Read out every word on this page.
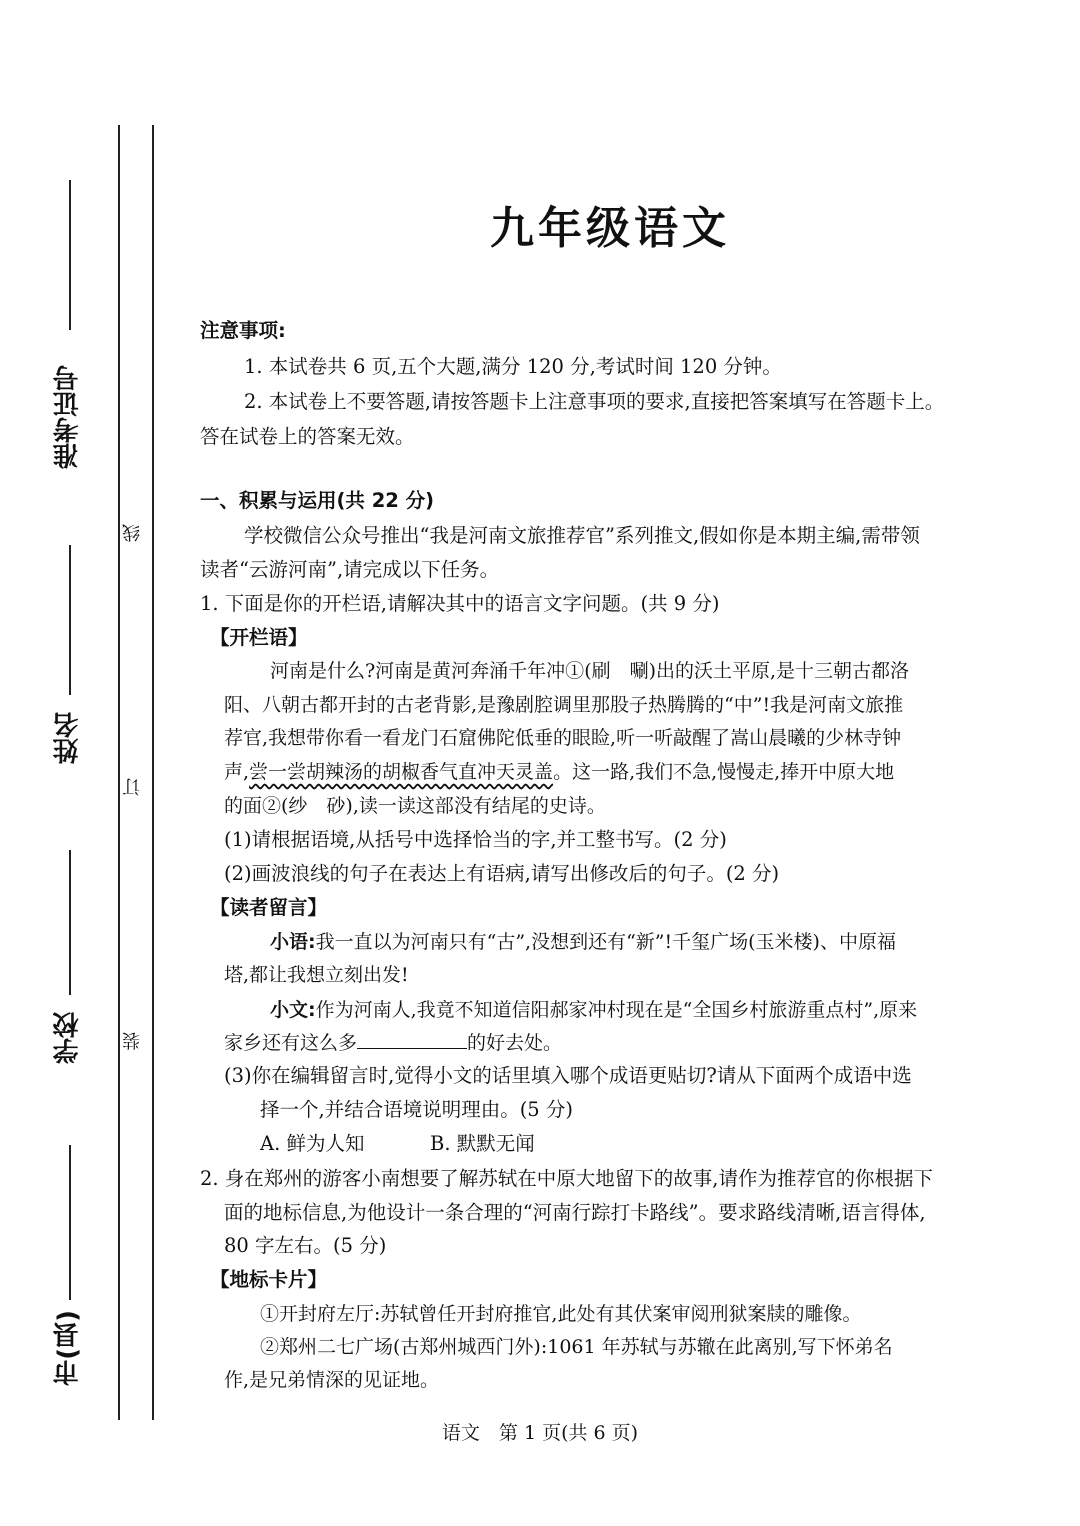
准考证号
姓名
学校
市(县)
线
订
装
九年级语文
注意事项:
1. 本试卷共 6 页,五个大题,满分 120 分,考试时间 120 分钟。
2. 本试卷上不要答题,请按答题卡上注意事项的要求,直接把答案填写在答题卡上。
答在试卷上的答案无效。
一、积累与运用(共 22 分)
学校微信公众号推出“我是河南文旅推荐官”系列推文,假如你是本期主编,需带领
读者“云游河南”,请完成以下任务。
1. 下面是你的开栏语,请解决其中的语言文字问题。(共 9 分)
【开栏语】
河南是什么?河南是黄河奔涌千年冲①(刷　唰)出的沃土平原,是十三朝古都洛
阳、八朝古都开封的古老背影,是豫剧腔调里那股子热腾腾的“中”!我是河南文旅推
荐官,我想带你看一看龙门石窟佛陀低垂的眼睑,听一听敲醒了嵩山晨曦的少林寺钟
声,尝一尝胡辣汤的胡椒香气直冲天灵盖。这一路,我们不急,慢慢走,捧开中原大地
的面②(纱　砂),读一读这部没有结尾的史诗。
(1)请根据语境,从括号中选择恰当的字,并工整书写。(2 分)
(2)画波浪线的句子在表达上有语病,请写出修改后的句子。(2 分)
【读者留言】
小语:我一直以为河南只有“古”,没想到还有“新”!千玺广场(玉米楼)、中原福
塔,都让我想立刻出发!
小文:作为河南人,我竟不知道信阳郝家冲村现在是“全国乡村旅游重点村”,原来
家乡还有这么多	的好去处。
(3)你在编辑留言时,觉得小文的话里填入哪个成语更贴切?请从下面两个成语中选
择一个,并结合语境说明理由。(5 分)
A. 鲜为人知	B. 默默无闻
2. 身在郑州的游客小南想要了解苏轼在中原大地留下的故事,请作为推荐官的你根据下
面的地标信息,为他设计一条合理的“河南行踪打卡路线”。要求路线清晰,语言得体,
80 字左右。(5 分)
【地标卡片】
①开封府左厅:苏轼曾任开封府推官,此处有其伏案审阅刑狱案牍的雕像。
②郑州二七广场(古郑州城西门外):1061 年苏轼与苏辙在此离别,写下怀弟名
作,是兄弟情深的见证地。
语文　第 1 页(共 6 页)
